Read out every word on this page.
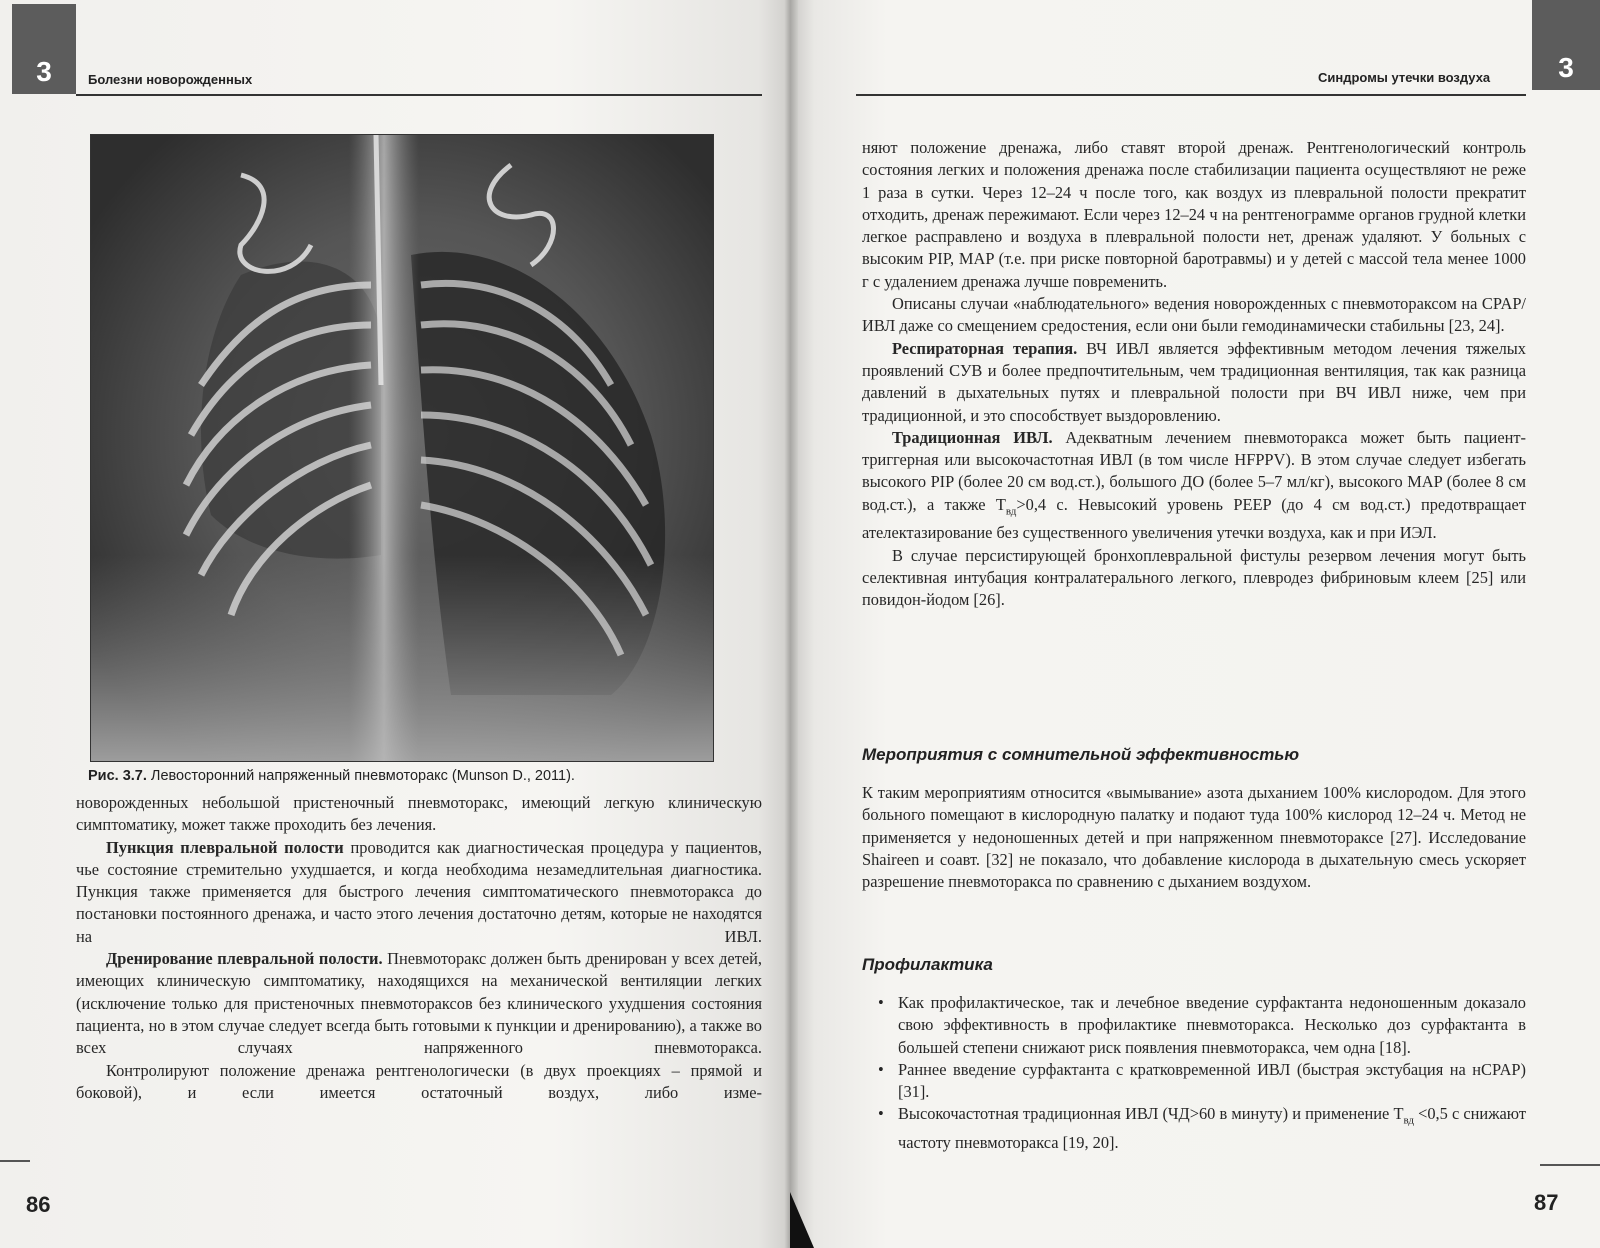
3	Болезни новорожденных
Рис. 3.7. Левосторонний напряженный пневмоторакс (Munson D., 2011).

новорожденных небольшой пристеночный пневмоторакс, имеющий легкую клиническую симптоматику, может также проходить без лечения.

Пункция плевральной полости проводится как диагностическая процедура у пациентов, чье состояние стремительно ухудшается, и когда необходима незамедлительная диагностика. Пункция также применяется для быстрого лечения симптоматического пневмоторакса до постановки постоянного дренажа, и часто этого лечения достаточно детям, которые не находятся на ИВЛ.

Дренирование плевральной полости. Пневмоторакс должен быть дренирован у всех детей, имеющих клиническую симптоматику, находящихся на механической вентиляции легких (исключение только для пристеночных пневмотораксов без клинического ухудшения состояния пациента, но в этом случае следует всегда быть готовыми к пункции и дренированию), а также во всех случаях напряженного пневмоторакса.

Контролируют положение дренажа рентгенологически (в двух проекциях – прямой и боковой), и если имеется остаточный воздух, либо изме-

86
3
Синдромы утечки воздуха

няют положение дренажа, либо ставят второй дренаж. Рентгенологический контроль состояния легких и положения дренажа после стабилизации пациента осуществляют не реже 1 раза в сутки. Через 12–24 ч после того, как воздух из плевральной полости прекратит отходить, дренаж пережимают. Если через 12–24 ч на рентгенограмме органов грудной клетки легкое расправлено и воздуха в плевральной полости нет, дренаж удаляют. У больных с высоким PIP, MAP (т.е. при риске повторной баротравмы) и у детей с массой тела менее 1000 г с удалением дренажа лучше повременить.

Описаны случаи «наблюдательного» ведения новорожденных с пневмотораксом на CPAP/ИВЛ даже со смещением средостения, если они были гемодинамически стабильны [23, 24].

Респираторная терапия. ВЧ ИВЛ является эффективным методом лечения тяжелых проявлений СУВ и более предпочтительным, чем традиционная вентиляция, так как разница давлений в дыхательных путях и плевральной полости при ВЧ ИВЛ ниже, чем при традиционной, и это способствует выздоровлению.

Традиционная ИВЛ. Адекватным лечением пневмоторакса может быть пациент-триггерная или высокочастотная ИВЛ (в том числе HFPPV). В этом случае следует избегать высокого PIP (более 20 см вод.ст.), большого ДО (более 5–7 мл/кг), высокого MAP (более 8 см вод.ст.), а также $T_{вд}>0,4$ с. Невысокий уровень PEEP (до 4 см вод.ст.) предотвращает ателектазирование без существенного увеличения утечки воздуха, как и при ИЭЛ.

В случае персистирующей бронхоплевральной фистулы резервом лечения могут быть селективная интубация контралатерального легкого, плевродез фибриновым клеем [25] или повидон-йодом [26].

Мероприятия с сомнительной эффективностью

К таким мероприятиям относится «вымывание» азота дыханием 100% кислородом. Для этого больного помещают в кислородную палатку и подают туда 100% кислород 12–24 ч. Метод не применяется у недоношенных детей и при напряженном пневмотораксе [27]. Исследование Shaireen и соавт. [32] не показало, что добавление кислорода в дыхательную смесь ускоряет разрешение пневмоторакса по сравнению с дыханием воздухом.

Профилактика
• Как профилактическое, так и лечебное введение сурфактанта недоношенным доказало свою эффективность в профилактике пневмоторакса. Несколько доз сурфактанта в большей степени снижают риск появления пневмоторакса, чем одна [18].
• Раннее введение сурфактанта с кратковременной ИВЛ (быстрая экстубация на нCPAP) [31].
• Высокочастотная традиционная ИВЛ (ЧД>60 в минуту) и применение $T_{вд} <0,5$ с снижают частоту пневмоторакса [19, 20].
87
